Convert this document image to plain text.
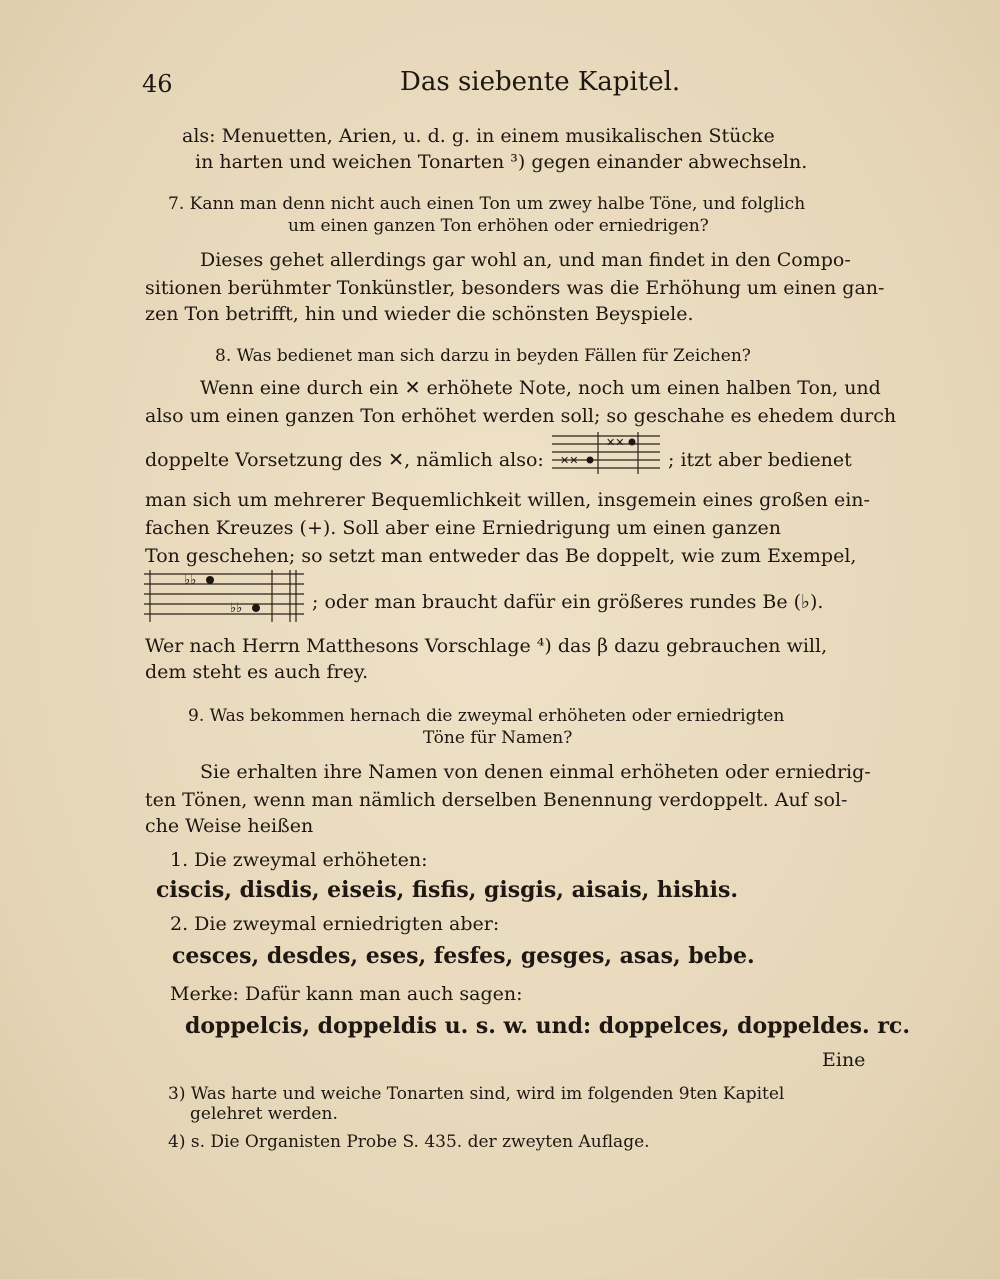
46	Das siebente Kapitel.
als: Menuetten, Arien, u. d. g. in einem musikalischen Stücke
in harten und weichen Tonarten ³) gegen einander abwechseln.
7. Kann man denn nicht auch einen Ton um zwey halbe Töne, und folglich
um einen ganzen Ton erhöhen oder erniedrigen?
Dieses gehet allerdings gar wohl an, und man findet in den Compo-
sitionen berühmter Tonkünstler, besonders was die Erhöhung um einen gan-
zen Ton betrifft, hin und wieder die schönsten Beyspiele.
8. Was bedienet man sich darzu in beyden Fällen für Zeichen?
Wenn eine durch ein ✕ erhöhete Note, noch um einen halben Ton, und
also um einen ganzen Ton erhöhet werden soll; so geschahe es ehedem durch
doppelte Vorsetzung des ✕, nämlich also:
✕✕
✕✕	; itzt aber bedienet
man sich um mehrerer Bequemlichkeit willen, insgemein eines großen ein-
fachen Kreuzes (+). Soll aber eine Erniedrigung um einen ganzen
Ton geschehen; so setzt man entweder das Be doppelt, wie zum Exempel,
♭♭
♭♭	; oder man braucht dafür ein größeres rundes Be (♭).
Wer nach Herrn Matthesons Vorschlage ⁴) das β dazu gebrauchen will,
dem steht es auch frey.
9. Was bekommen hernach die zweymal erhöheten oder erniedrigten
Töne für Namen?
Sie erhalten ihre Namen von denen einmal erhöheten oder erniedrig-
ten Tönen, wenn man nämlich derselben Benennung verdoppelt. Auf sol-
che Weise heißen
1. Die zweymal erhöheten:
ciscis, disdis, eiseis, fisfis, gisgis, aisais, hishis.
2. Die zweymal erniedrigten aber:
cesces, desdes, eses, fesfes, gesges, asas, bebe.
Merke: Dafür kann man auch sagen:
doppelcis, doppeldis u. s. w. und: doppelces, doppeldes. rc.
Eine
3) Was harte und weiche Tonarten sind, wird im folgenden 9ten Kapitel
gelehret werden.
4) s. Die Organisten Probe S. 435. der zweyten Auflage.
